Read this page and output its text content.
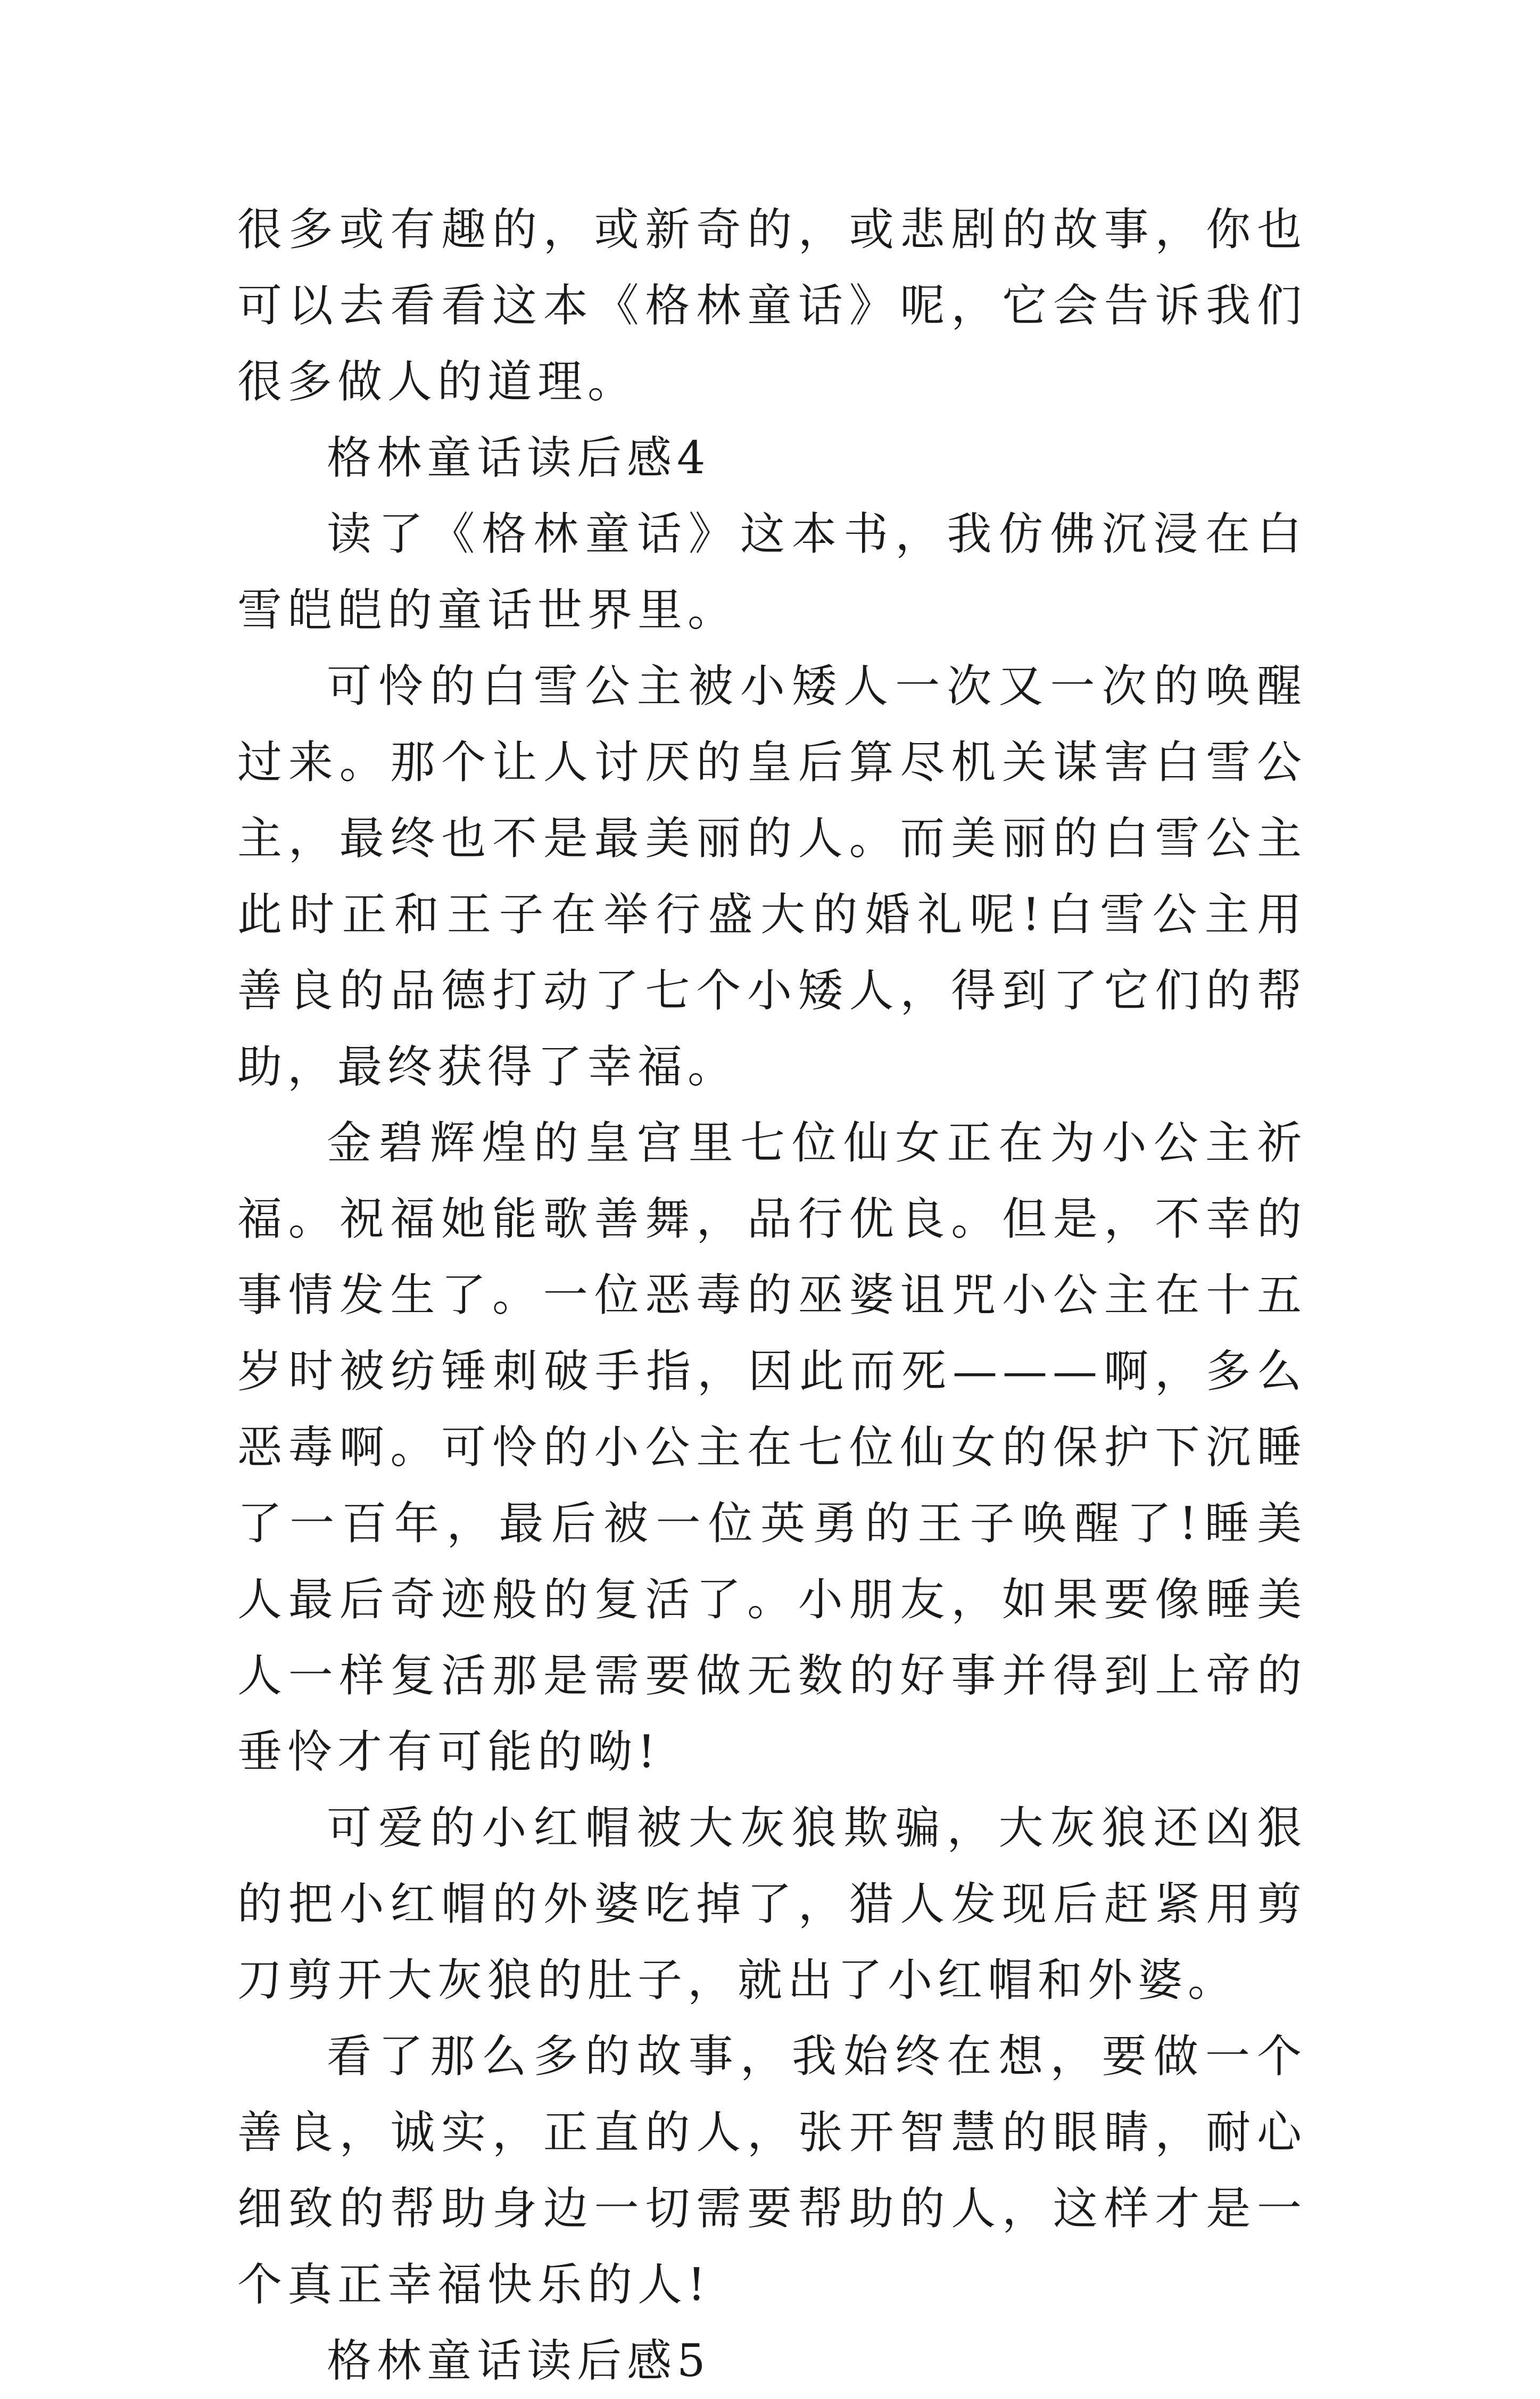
很多或有趣的，或新奇的，或悲剧的故事，你也可以去看看这本《格林童话》呢，它会告诉我们很多做人的道理。

格林童话读后感4

读了《格林童话》这本书，我仿佛沉浸在白雪皑皑的童话世界里。

可怜的白雪公主被小矮人一次又一次的唤醒过来。那个让人讨厌的皇后算尽机关谋害白雪公主，最终也不是最美丽的人。而美丽的白雪公主此时正和王子在举行盛大的婚礼呢!白雪公主用善良的品德打动了七个小矮人，得到了它们的帮助，最终获得了幸福。

金碧辉煌的皇宫里七位仙女正在为小公主祈福。祝福她能歌善舞，品行优良。但是，不幸的事情发生了。一位恶毒的巫婆诅咒小公主在十五岁时被纺锤刺破手指，因此而死———啊，多么恶毒啊。可怜的小公主在七位仙女的保护下沉睡了一百年，最后被一位英勇的王子唤醒了!睡美人最后奇迹般的复活了。小朋友，如果要像睡美人一样复活那是需要做无数的好事并得到上帝的垂怜才有可能的呦!

可爱的小红帽被大灰狼欺骗，大灰狼还凶狠的把小红帽的外婆吃掉了，猎人发现后赶紧用剪刀剪开大灰狼的肚子，就出了小红帽和外婆。

看了那么多的故事，我始终在想，要做一个善良，诚实，正直的人，张开智慧的眼睛，耐心细致的帮助身边一切需要帮助的人，这样才是一个真正幸福快乐的人!

格林童话读后感5
